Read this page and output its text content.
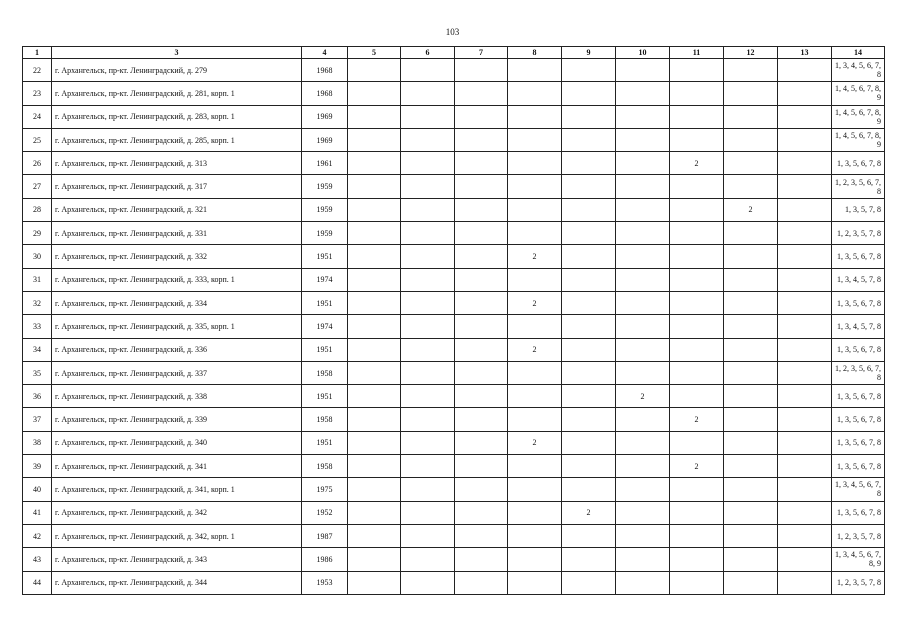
103
1	3	4	5	6	7	8	9	10	11	12	13	14
22	г. Архангельск, пр-кт. Ленинградский, д. 279	1968										1, 3, 4, 5, 6, 7, 8
23	г. Архангельск, пр-кт. Ленинградский, д. 281, корп. 1	1968										1, 4, 5, 6, 7, 8, 9
24	г. Архангельск, пр-кт. Ленинградский, д. 283, корп. 1	1969										1, 4, 5, 6, 7, 8, 9
25	г. Архангельск, пр-кт. Ленинградский, д. 285, корп. 1	1969										1, 4, 5, 6, 7, 8, 9
26	г. Архангельск, пр-кт. Ленинградский, д. 313	1961							2			1, 3, 5, 6, 7, 8
27	г. Архангельск, пр-кт. Ленинградский, д. 317	1959										1, 2, 3, 5, 6, 7, 8
28	г. Архангельск, пр-кт. Ленинградский, д. 321	1959								2		1, 3, 5, 7, 8
29	г. Архангельск, пр-кт. Ленинградский, д. 331	1959										1, 2, 3, 5, 7, 8
30	г. Архангельск, пр-кт. Ленинградский, д. 332	1951				2						1, 3, 5, 6, 7, 8
31	г. Архангельск, пр-кт. Ленинградский, д. 333, корп. 1	1974										1, 3, 4, 5, 7, 8
32	г. Архангельск, пр-кт. Ленинградский, д. 334	1951				2						1, 3, 5, 6, 7, 8
33	г. Архангельск, пр-кт. Ленинградский, д. 335, корп. 1	1974										1, 3, 4, 5, 7, 8
34	г. Архангельск, пр-кт. Ленинградский, д. 336	1951				2						1, 3, 5, 6, 7, 8
35	г. Архангельск, пр-кт. Ленинградский, д. 337	1958										1, 2, 3, 5, 6, 7, 8
36	г. Архангельск, пр-кт. Ленинградский, д. 338	1951						2				1, 3, 5, 6, 7, 8
37	г. Архангельск, пр-кт. Ленинградский, д. 339	1958							2			1, 3, 5, 6, 7, 8
38	г. Архангельск, пр-кт. Ленинградский, д. 340	1951				2						1, 3, 5, 6, 7, 8
39	г. Архангельск, пр-кт. Ленинградский, д. 341	1958							2			1, 3, 5, 6, 7, 8
40	г. Архангельск, пр-кт. Ленинградский, д. 341, корп. 1	1975										1, 3, 4, 5, 6, 7, 8
41	г. Архангельск, пр-кт. Ленинградский, д. 342	1952					2					1, 3, 5, 6, 7, 8
42	г. Архангельск, пр-кт. Ленинградский, д. 342, корп. 1	1987										1, 2, 3, 5, 7, 8
43	г. Архангельск, пр-кт. Ленинградский, д. 343	1986										1, 3, 4, 5, 6, 7, 8, 9
44	г. Архангельск, пр-кт. Ленинградский, д. 344	1953										1, 2, 3, 5, 7, 8
